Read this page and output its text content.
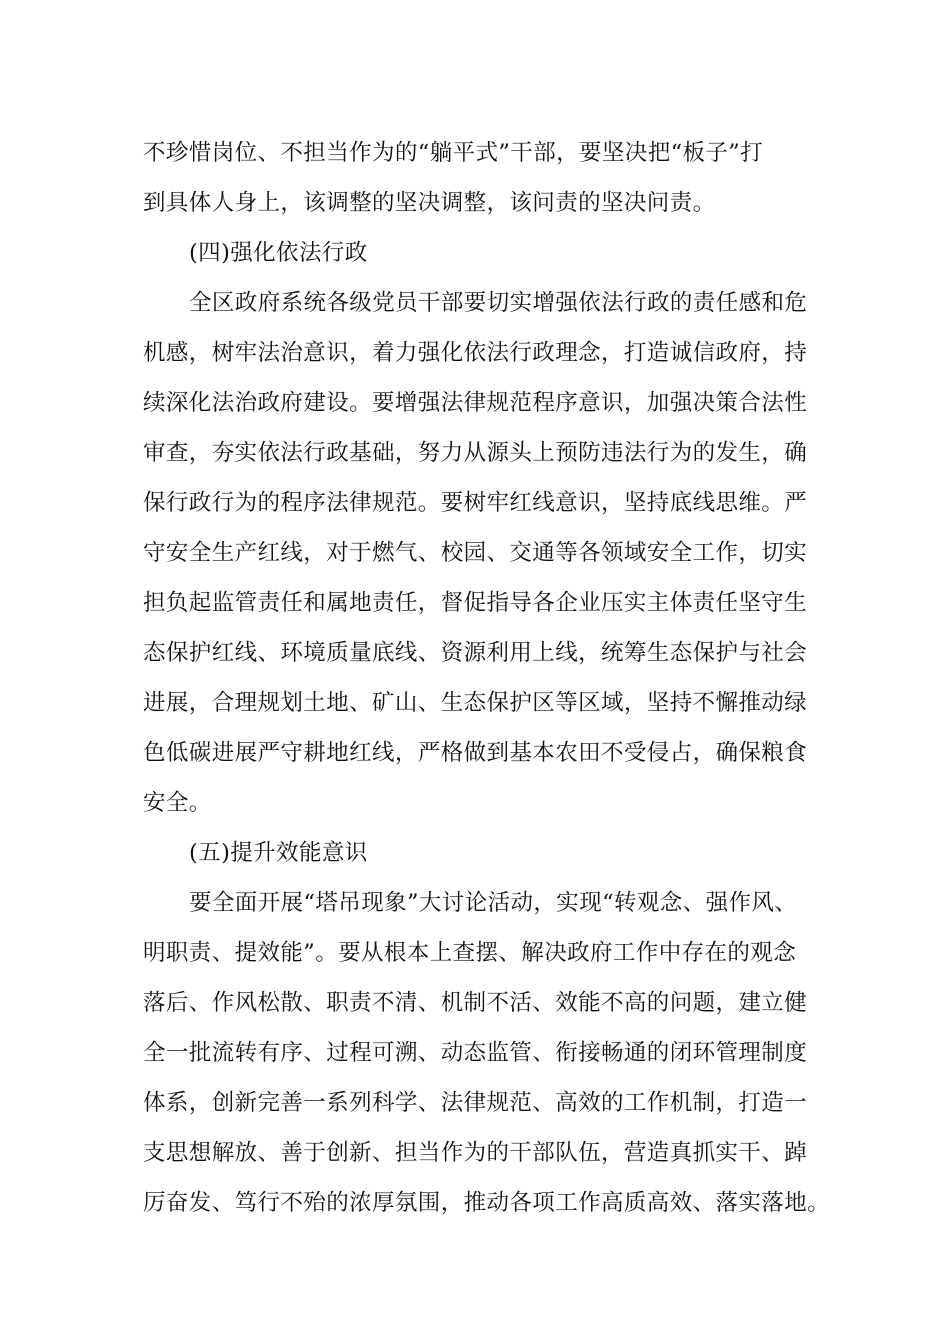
不珍惜岗位、不担当作为的“躺平式”干部，要坚决把“板子”打
到具体人身上，该调整的坚决调整，该问责的坚决问责。
(四)强化依法行政
全区政府系统各级党员干部要切实增强依法行政的责任感和危
机感，树牢法治意识，着力强化依法行政理念，打造诚信政府，持
续深化法治政府建设。要增强法律规范程序意识，加强决策合法性
审查，夯实依法行政基础，努力从源头上预防违法行为的发生，确
保行政行为的程序法律规范。要树牢红线意识，坚持底线思维。严
守安全生产红线，对于燃气、校园、交通等各领域安全工作，切实
担负起监管责任和属地责任，督促指导各企业压实主体责任坚守生
态保护红线、环境质量底线、资源利用上线，统筹生态保护与社会
进展，合理规划土地、矿山、生态保护区等区域，坚持不懈推动绿
色低碳进展严守耕地红线，严格做到基本农田不受侵占，确保粮食
安全。
(五)提升效能意识
要全面开展“塔吊现象”大讨论活动，实现“转观念、强作风、
明职责、提效能”。要从根本上查摆、解决政府工作中存在的观念
落后、作风松散、职责不清、机制不活、效能不高的问题，建立健
全一批流转有序、过程可溯、动态监管、衔接畅通的闭环管理制度
体系，创新完善一系列科学、法律规范、高效的工作机制，打造一
支思想解放、善于创新、担当作为的干部队伍，营造真抓实干、踔
厉奋发、笃行不殆的浓厚氛围，推动各项工作高质高效、落实落地。
